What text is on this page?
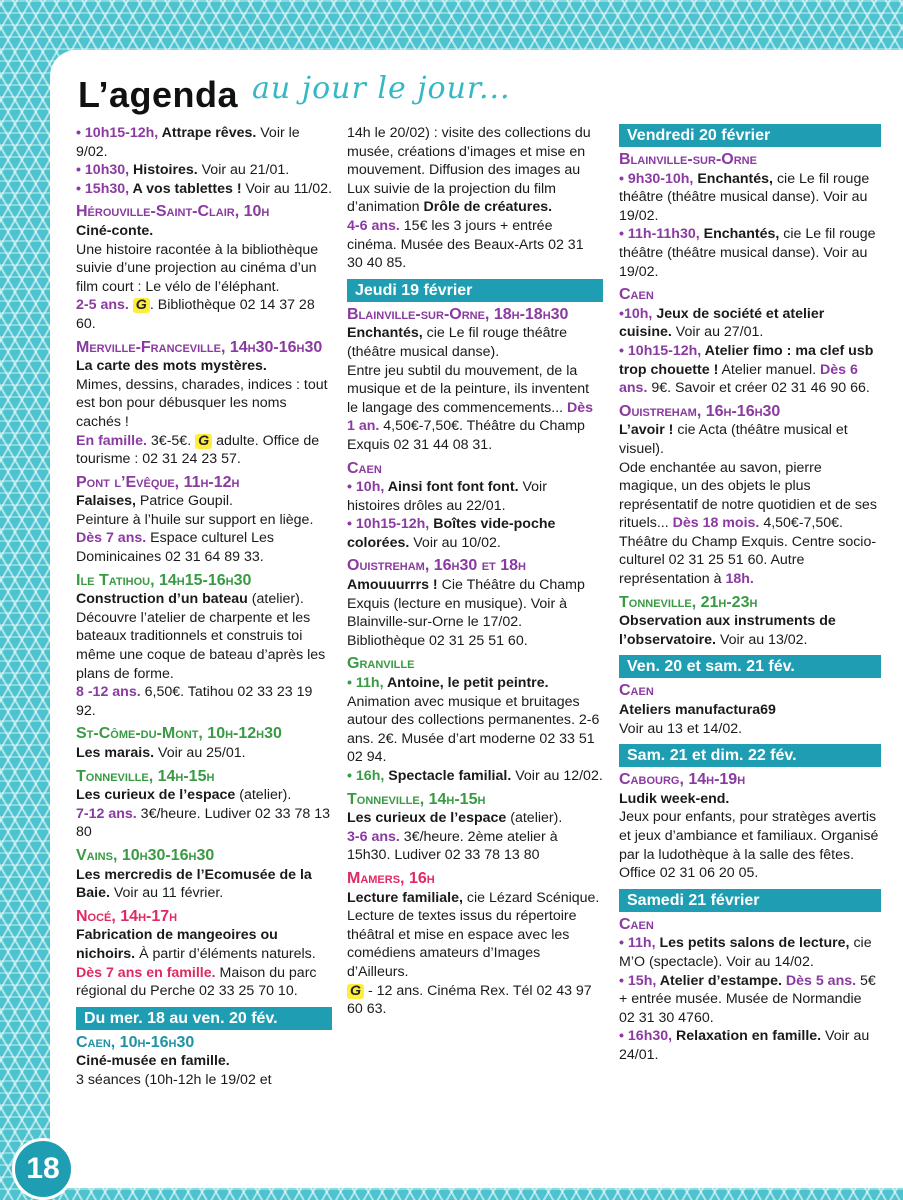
L’agenda au jour le jour...

• 10h15-12h, Attrape rêves. Voir le 9/02.

• 10h30, Histoires. Voir au 21/01.

• 15h30, A vos tablettes ! Voir au 11/02.

Hérouville-Saint-Clair, 10h

Ciné-conte.

Une histoire racontée à la bibliothèque suivie d’une projection au cinéma d’un film court : Le vélo de l’éléphant.

2-5 ans. G . Bibliothèque 02 14 37 28 60.

Merville-Franceville, 14h30-16h30

La carte des mots mystères.

Mimes, dessins, charades, indices : tout est bon pour débusquer les noms cachés !

En famille. 3€-5€. G adulte. Office de tourisme : 02 31 24 23 57.

Pont l’Evêque, 11h-12h

Falaises, Patrice Goupil.

Peinture à l’huile sur support en liège.

Dès 7 ans. Espace culturel Les Dominicaines 02 31 64 89 33.

Ile Tatihou, 14h15-16h30

Construction d’un bateau (atelier).

Découvre l’atelier de charpente et les bateaux traditionnels et construis toi même une coque de bateau d’après les plans de forme.

8 -12 ans. 6,50€. Tatihou 02 33 23 19 92.

St-Côme-du-Mont, 10h-12h30

Les marais. Voir au 25/01.

Tonneville, 14h-15h

Les curieux de l’espace (atelier).

7-12 ans. 3€/heure. Ludiver 02 33 78 13 80

Vains, 10h30-16h30

Les mercredis de l’Ecomusée de la Baie. Voir au 11 février.

Nocé, 14h-17h

Fabrication de mangeoires ou nichoirs. À partir d’éléments naturels.

Dès 7 ans en famille. Maison du parc régional du Perche 02 33 25 70 10.

Du mer. 18 au ven. 20 fév.
Caen, 10h-16h30

Ciné-musée en famille.

3 séances (10h-12h le 19/02 et

14h le 20/02) : visite des collections du musée, créations d’images et mise en mouvement. Diffusion des images au Lux suivie de la projection du film d’animation Drôle de créatures.

4-6 ans. 15€ les 3 jours + entrée cinéma. Musée des Beaux-Arts 02 31 30 40 85.

Jeudi 19 février
Blainville-sur-Orne, 18h-18h30

Enchantés, cie Le fil rouge théâtre (théâtre musical danse).

Entre jeu subtil du mouvement, de la musique et de la peinture, ils inventent le langage des commencements... Dès 1 an. 4,50€-7,50€. Théâtre du Champ Exquis 02 31 44 08 31.

Caen

• 10h, Ainsi font font font. Voir histoires drôles au 22/01.

• 10h15-12h, Boîtes vide-poche colorées. Voir au 10/02.

Ouistreham, 16h30 et 18h

Amouuurrrs ! Cie Théâtre du Champ Exquis (lecture en musique). Voir à Blainville-sur-Orne le 17/02. Bibliothèque 02 31 25 51 60.

Granville

• 11h, Antoine, le petit peintre.

Animation avec musique et bruitages autour des collections permanentes. 2-6 ans. 2€. Musée d’art moderne 02 33 51 02 94.

• 16h, Spectacle familial. Voir au 12/02.

Tonneville, 14h-15h

Les curieux de l’espace (atelier).

3-6 ans. 3€/heure. 2ème atelier à 15h30. Ludiver 02 33 78 13 80

Mamers, 16h

Lecture familiale, cie Lézard Scénique.

Lecture de textes issus du répertoire théâtral et mise en espace avec les comédiens amateurs d’Images d’Ailleurs.

G - 12 ans. Cinéma Rex. Tél 02 43 97 60 63.

Vendredi 20 février
Blainville-sur-Orne

• 9h30-10h, Enchantés, cie Le fil rouge théâtre (théâtre musical danse). Voir au 19/02.

• 11h-11h30, Enchantés, cie Le fil rouge théâtre (théâtre musical danse). Voir au 19/02.

Caen

•10h, Jeux de société et atelier cuisine. Voir au 27/01.

• 10h15-12h, Atelier fimo : ma clef usb trop chouette ! Atelier manuel. Dès 6 ans. 9€. Savoir et créer 02 31 46 90 66.

Ouistreham, 16h-16h30

L’avoir ! cie Acta (théâtre musical et visuel).

Ode enchantée au savon, pierre magique, un des objets le plus représentatif de notre quotidien et de ses rituels... Dès 18 mois. 4,50€-7,50€. Théâtre du Champ Exquis. Centre socio-culturel 02 31 25 51 60. Autre représentation à 18h.

Tonneville, 21h-23h

Observation aux instruments de l’observatoire. Voir au 13/02.

Ven. 20 et sam. 21 fév.
Caen

Ateliers manufactura69

Voir au 13 et 14/02.

Sam. 21 et dim. 22 fév.
Cabourg, 14h-19h

Ludik week-end.

Jeux pour enfants, pour stratèges avertis et jeux d’ambiance et familiaux. Organisé par la ludothèque à la salle des fêtes. Office 02 31 06 20 05.

Samedi 21 février
Caen

• 11h, Les petits salons de lecture, cie M’O (spectacle). Voir au 14/02.

• 15h, Atelier d’estampe. Dès 5 ans. 5€ + entrée musée. Musée de Normandie 02 31 30 4760.

• 16h30, Relaxation en famille. Voir au 24/01.

18
